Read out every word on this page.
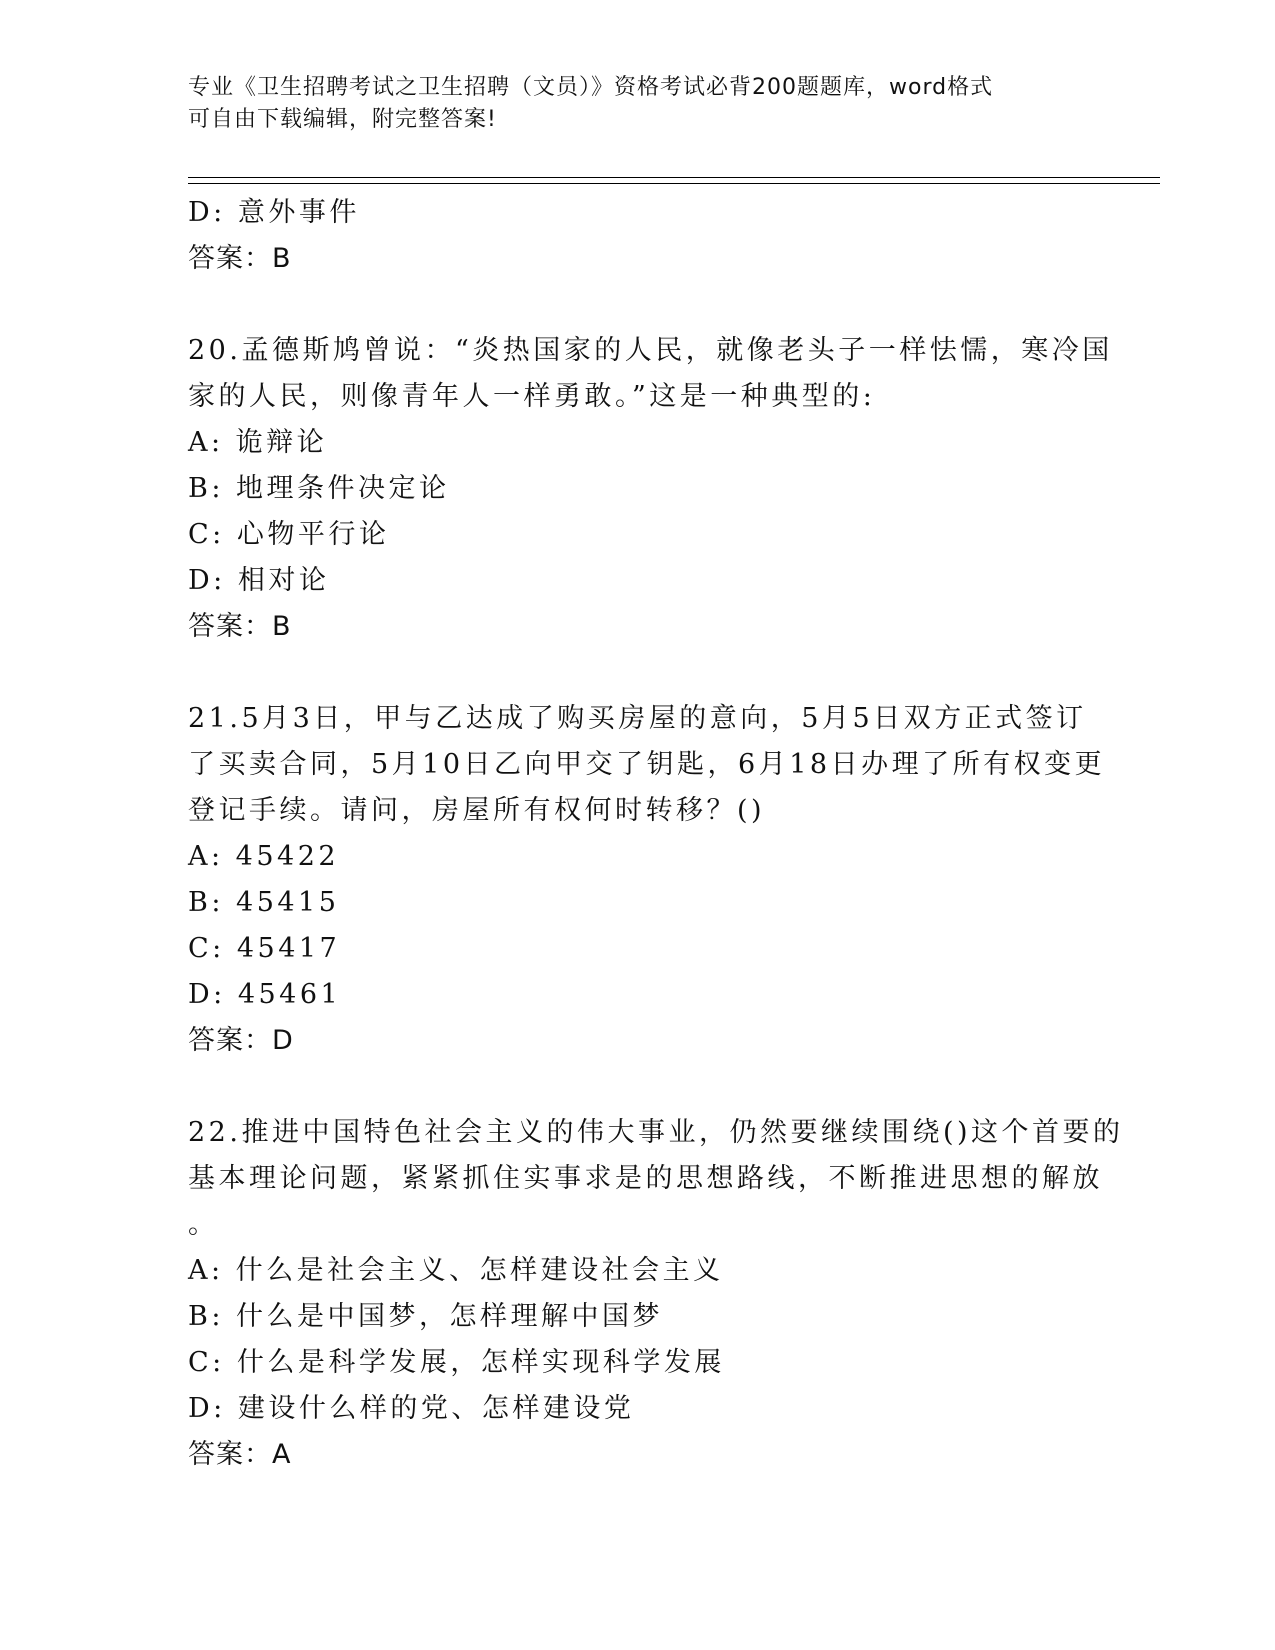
专业《卫生招聘考试之卫生招聘（文员）》资格考试必背200题题库，word格式
可自由下载编辑，附完整答案!
D: 意外事件
答案：B
20.孟德斯鸠曾说：“炎热国家的人民，就像老头子一样怯懦，寒冷国
家的人民，则像青年人一样勇敢。”这是一种典型的:
A: 诡辩论
B: 地理条件决定论
C: 心物平行论
D: 相对论
答案：B
21.5月3日，甲与乙达成了购买房屋的意向，5月5日双方正式签订
了买卖合同，5月10日乙向甲交了钥匙，6月18日办理了所有权变更
登记手续。请问，房屋所有权何时转移？()
A: 45422
B: 45415
C: 45417
D: 45461
答案：D
22.推进中国特色社会主义的伟大事业，仍然要继续围绕()这个首要的
基本理论问题，紧紧抓住实事求是的思想路线，不断推进思想的解放
。
A: 什么是社会主义、怎样建设社会主义
B: 什么是中国梦，怎样理解中国梦
C: 什么是科学发展，怎样实现科学发展
D: 建设什么样的党、怎样建设党
答案：A
